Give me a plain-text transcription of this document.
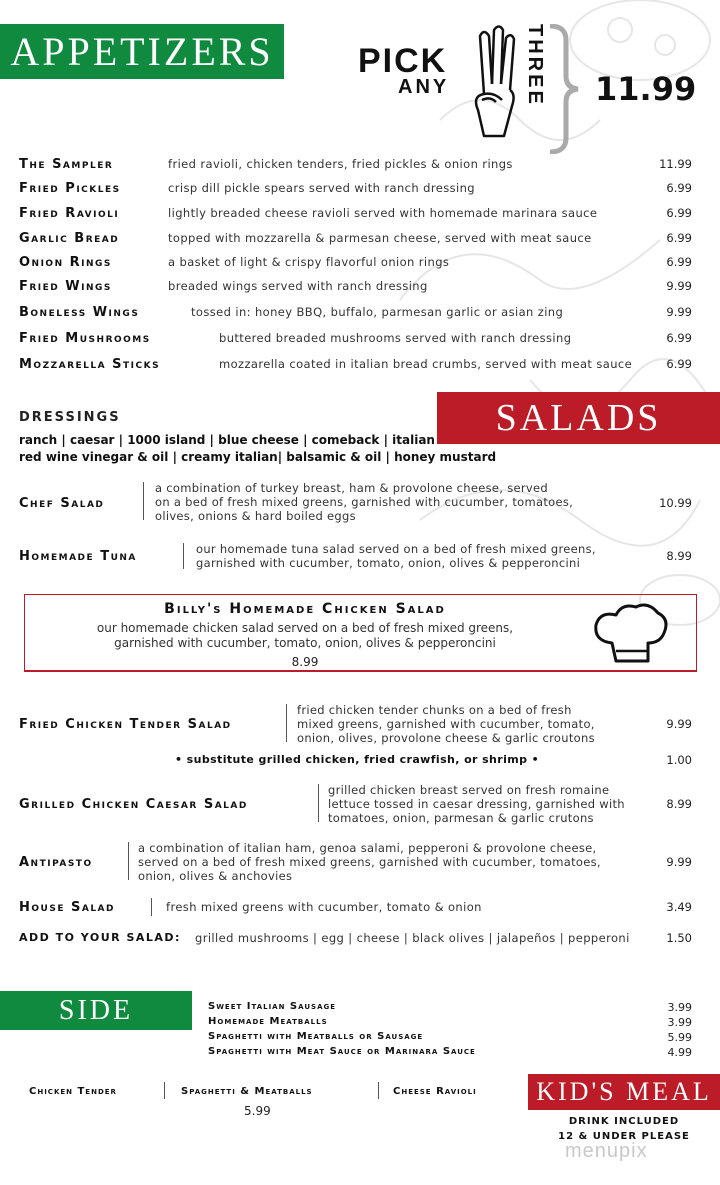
APPETIZERS	PICK
ANY	THREE 11.99
The Sampler	fried ravioli, chicken tenders, fried pickles & onion rings	11.99
Fried Pickles	crisp dill pickle spears served with ranch dressing	6.99
Fried Ravioli	lightly breaded cheese ravioli served with homemade marinara sauce	6.99
Garlic Bread	topped with mozzarella & parmesan cheese, served with meat sauce	6.99
Onion Rings	a basket of light & crispy flavorful onion rings	6.99
Fried Wings	breaded wings served with ranch dressing	9.99
Boneless Wings	tossed in: honey BBQ, buffalo, parmesan garlic or asian zing	9.99
Fried Mushrooms	buttered breaded mushrooms served with ranch dressing	6.99
Mozzarella Sticks	mozzarella coated in italian bread crumbs, served with meat sauce	6.99
DRESSINGS
ranch | caesar | 1000 island | blue cheese | comeback | italian
red wine vinegar & oil | creamy italian| balsamic & oil | honey mustard
SALADS
Chef Salad	10.99
a combination of turkey breast, ham & provolone cheese, served
on a bed of fresh mixed greens, garnished with cucumber, tomatoes,
olives, onions & hard boiled eggs
Homemade Tuna	8.99
our homemade tuna salad served on a bed of fresh mixed greens,
garnished with cucumber, tomato, onion, olives & pepperoncini
Billy's Homemade Chicken Salad
our homemade chicken salad served on a bed of fresh mixed greens,
garnished with cucumber, tomato, onion, olives & pepperoncini
8.99
Fried Chicken Tender Salad	9.99
fried chicken tender chunks on a bed of fresh
mixed greens, garnished with cucumber, tomato,
onion, olives, provolone cheese & garlic croutons
• substitute grilled chicken, fried crawfish, or shrimp •	1.00
Grilled Chicken Caesar Salad	8.99
grilled chicken breast served on fresh romaine
lettuce tossed in caesar dressing, garnished with
tomatoes, onion, parmesan & garlic crutons
Antipasto	9.99
a combination of italian ham, genoa salami, pepperoni & provolone cheese,
served on a bed of fresh mixed greens, garnished with cucumber, tomatoes,
onion, olives & anchovies
House Salad	fresh mixed greens with cucumber, tomato & onion	3.49
ADD TO YOUR SALAD: grilled mushrooms | egg | cheese | black olives | jalapeños | pepperoni	1.50
SIDE DISHES
Sweet Italian Sausage	3.99
Homemade Meatballs	3.99
Spaghetti with Meatballs or Sausage	5.99
Spaghetti with Meat Sauce or Marinara Sauce	4.99
Chicken Tender	Spaghetti & Meatballs	Cheese Ravioli
5.99
KID'S MEAL
DRINK INCLUDED
12 & UNDER PLEASE
menupix
